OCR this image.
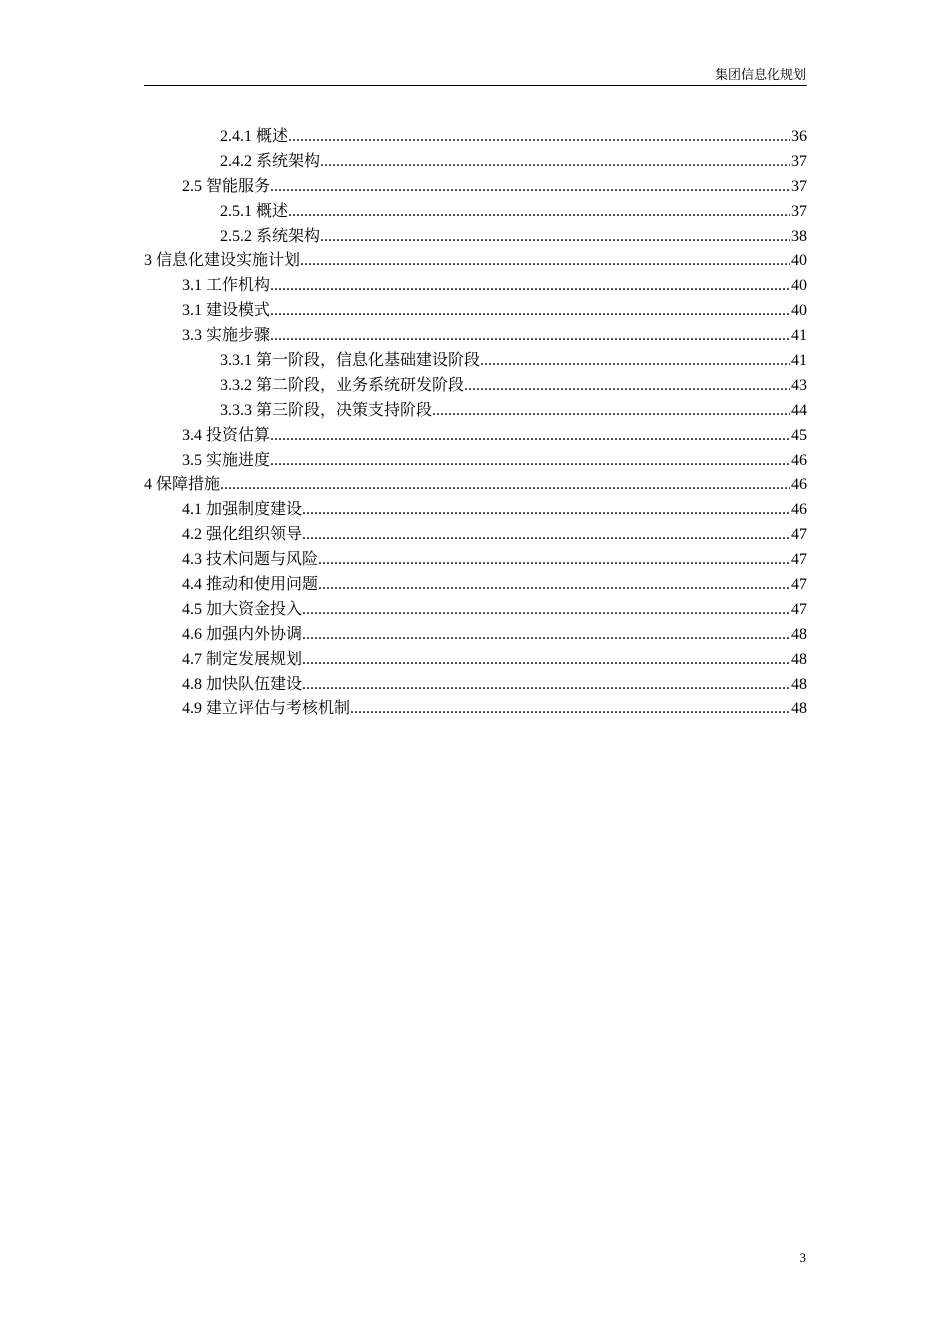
集团信息化规划
2.4.1 概述 .....	36
2.4.2 系统架构 .....	37
2.5 智能服务 .....	37
2.5.1 概述 .....	37
2.5.2 系统架构 .....	38
3 信息化建设实施计划 .....	40
3.1 工作机构 .....	40
3.1 建设模式 .....	40
3.3 实施步骤 .....	41
3.3.1 第一阶段，信息化基础建设阶段 .....	41
3.3.2 第二阶段，业务系统研发阶段 .....	43
3.3.3 第三阶段，决策支持阶段 .....	44
3.4 投资估算 .....	45
3.5 实施进度 .....	46
4 保障措施 .....	46
4.1 加强制度建设 .....	46
4.2 强化组织领导 .....	47
4.3 技术问题与风险 .....	47
4.4 推动和使用问题 .....	47
4.5 加大资金投入 .....	47
4.6 加强内外协调 .....	48
4.7 制定发展规划 .....	48
4.8 加快队伍建设 .....	48
4.9 建立评估与考核机制 .....	48
3
